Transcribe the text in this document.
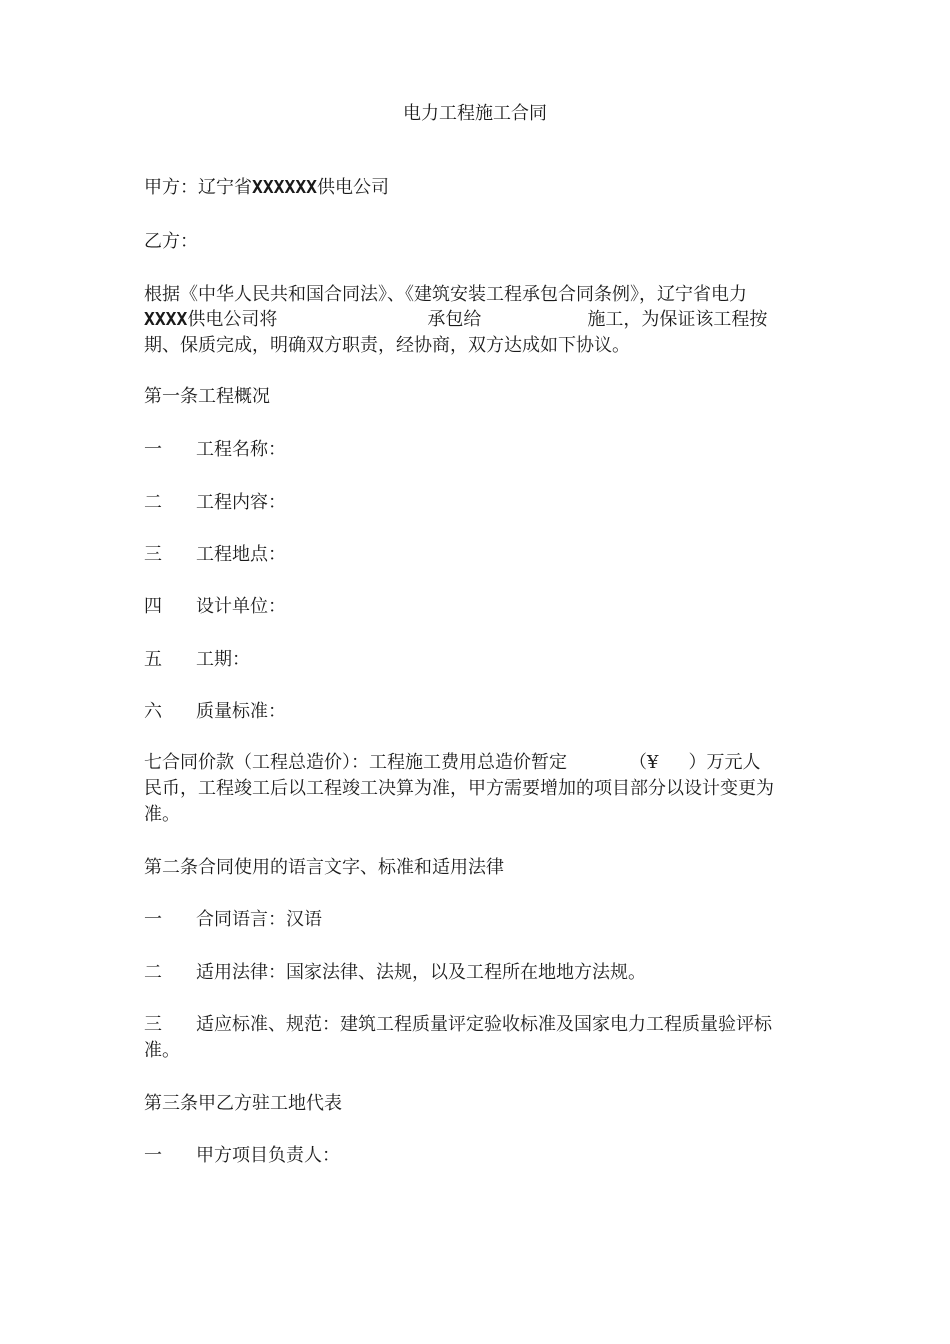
电力工程施工合同
甲方：辽宁省XXXXXX供电公司
乙方：
根据《中华人民共和国合同法》、《建筑安装工程承包合同条例》，辽宁省电力
XXXX供电公司将	承包给	施工，为保证该工程按
期、保质完成，明确双方职责，经协商，双方达成如下协议。
第一条工程概况
一 工程名称：
二 工程内容：
三 工程地点：
四 设计单位：
五 工期：
六 质量标准：
七合同价款（工程总造价）：工程施工费用总造价暂定	（¥ ）万元人
民币，工程竣工后以工程竣工决算为准，甲方需要增加的项目部分以设计变更为
准。
第二条合同使用的语言文字、标准和适用法律
一 合同语言：汉语
二 适用法律：国家法律、法规，以及工程所在地地方法规。
三 适应标准、规范：建筑工程质量评定验收标准及国家电力工程质量验评标
准。
第三条甲乙方驻工地代表
一 甲方项目负责人：
